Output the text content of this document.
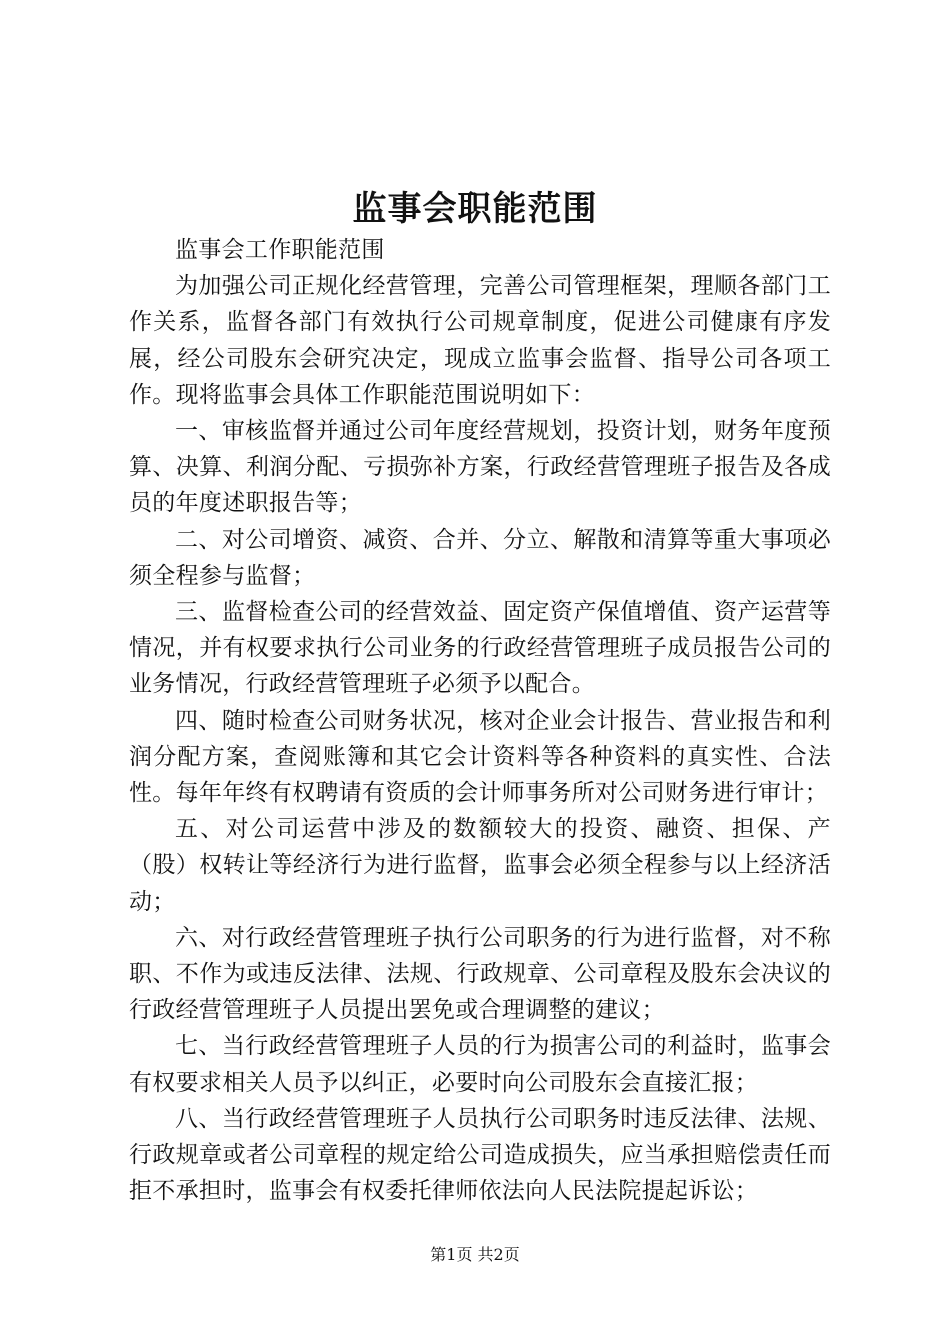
监事会职能范围

监事会工作职能范围

为加强公司正规化经营管理，完善公司管理框架，理顺各部门工作关系，监督各部门有效执行公司规章制度，促进公司健康有序发展，经公司股东会研究决定，现成立监事会监督、指导公司各项工作。现将监事会具体工作职能范围说明如下：

一、审核监督并通过公司年度经营规划，投资计划，财务年度预算、决算、利润分配、亏损弥补方案，行政经营管理班子报告及各成员的年度述职报告等；

二、对公司增资、减资、合并、分立、解散和清算等重大事项必须全程参与监督；

三、监督检查公司的经营效益、固定资产保值增值、资产运营等情况，并有权要求执行公司业务的行政经营管理班子成员报告公司的业务情况，行政经营管理班子必须予以配合。

四、随时检查公司财务状况，核对企业会计报告、营业报告和利润分配方案，查阅账簿和其它会计资料等各种资料的真实性、合法性。每年年终有权聘请有资质的会计师事务所对公司财务进行审计；

五、对公司运营中涉及的数额较大的投资、融资、担保、产（股）权转让等经济行为进行监督，监事会必须全程参与以上经济活动；

六、对行政经营管理班子执行公司职务的行为进行监督，对不称职、不作为或违反法律、法规、行政规章、公司章程及股东会决议的行政经营管理班子人员提出罢免或合理调整的建议；

七、当行政经营管理班子人员的行为损害公司的利益时，监事会有权要求相关人员予以纠正，必要时向公司股东会直接汇报；

八、当行政经营管理班子人员执行公司职务时违反法律、法规、行政规章或者公司章程的规定给公司造成损失，应当承担赔偿责任而拒不承担时，监事会有权委托律师依法向人民法院提起诉讼；

第1页 共2页
